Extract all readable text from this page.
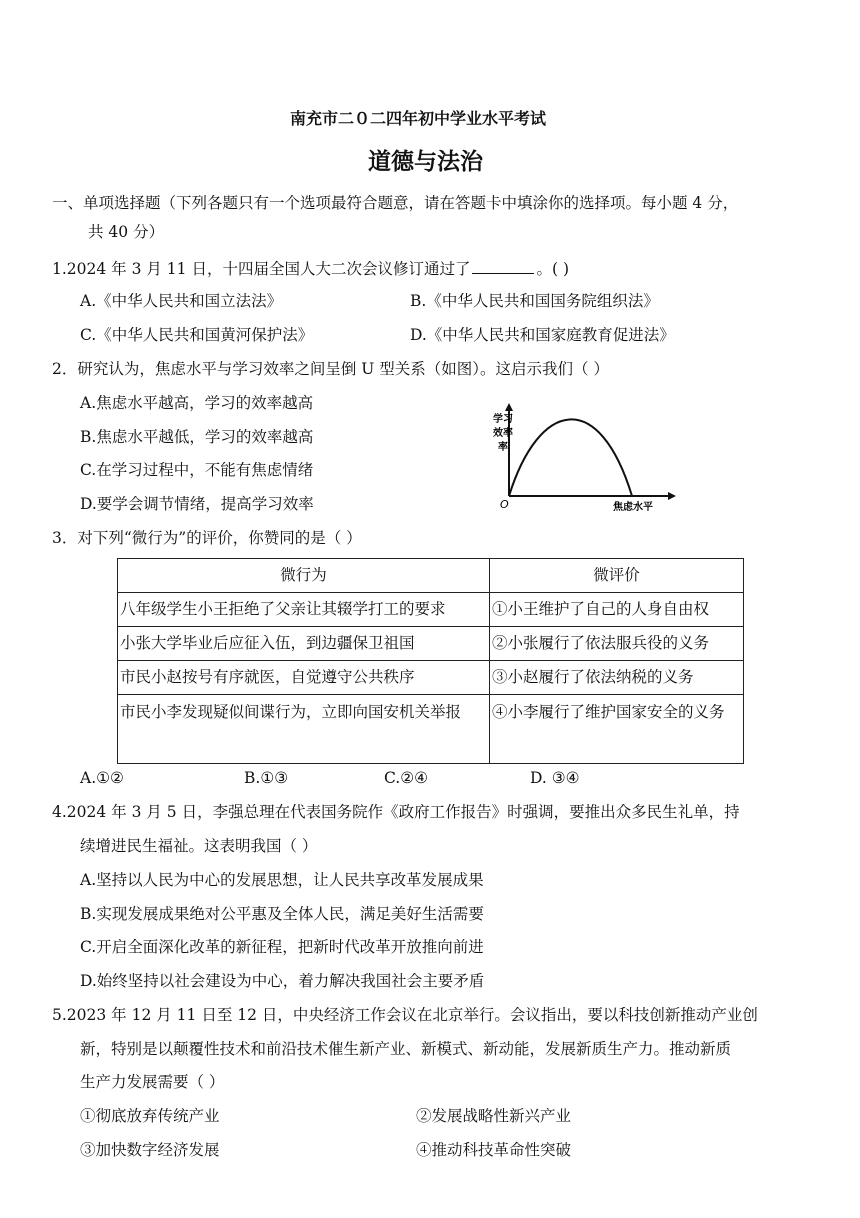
南充市二０二四年初中学业水平考试
道德与法治
一、单项选择题（下列各题只有一个选项最符合题意，请在答题卡中填涂你的选择项。每小题 4 分，
共 40 分）
1.2024 年 3 月 11 日，十四届全国人大二次会议修订通过了	。( )
A.《中华人民共和国立法法》	B.《中华人民共和国国务院组织法》
C.《中华人民共和国黄河保护法》	D.《中华人民共和国家庭教育促进法》
2．研究认为，焦虑水平与学习效率之间呈倒 U 型关系（如图）。这启示我们（ ）
A.焦虑水平越高，学习的效率越高
B.焦虑水平越低，学习的效率越高
C.在学习过程中，不能有焦虑情绪
D.要学会调节情绪，提高学习效率
学习
效率
率
O	焦虑水平
3．对下列“微行为”的评价，你赞同的是（ ）
微行为	微评价
八年级学生小王拒绝了父亲让其辍学打工的要求	①小王维护了自己的人身自由权
小张大学毕业后应征入伍，到边疆保卫祖国	②小张履行了依法服兵役的义务
市民小赵按号有序就医，自觉遵守公共秩序	③小赵履行了依法纳税的义务
市民小李发现疑似间谍行为，立即向国安机关举报	④小李履行了维护国家安全的义务
A.①②	B.①③	C.②④	D. ③④
4.2024 年 3 月 5 日，李强总理在代表国务院作《政府工作报告》时强调，要推出众多民生礼单，持
续增进民生福祉。这表明我国（ ）
A.坚持以人民为中心的发展思想，让人民共享改革发展成果
B.实现发展成果绝对公平惠及全体人民，满足美好生活需要
C.开启全面深化改革的新征程，把新时代改革开放推向前进
D.始终坚持以社会建设为中心，着力解决我国社会主要矛盾
5.2023 年 12 月 11 日至 12 日，中央经济工作会议在北京举行。会议指出，要以科技创新推动产业创
新，特别是以颠覆性技术和前沿技术催生新产业、新模式、新动能，发展新质生产力。推动新质
生产力发展需要（ ）
①彻底放弃传统产业	②发展战略性新兴产业
③加快数字经济发展	④推动科技革命性突破
